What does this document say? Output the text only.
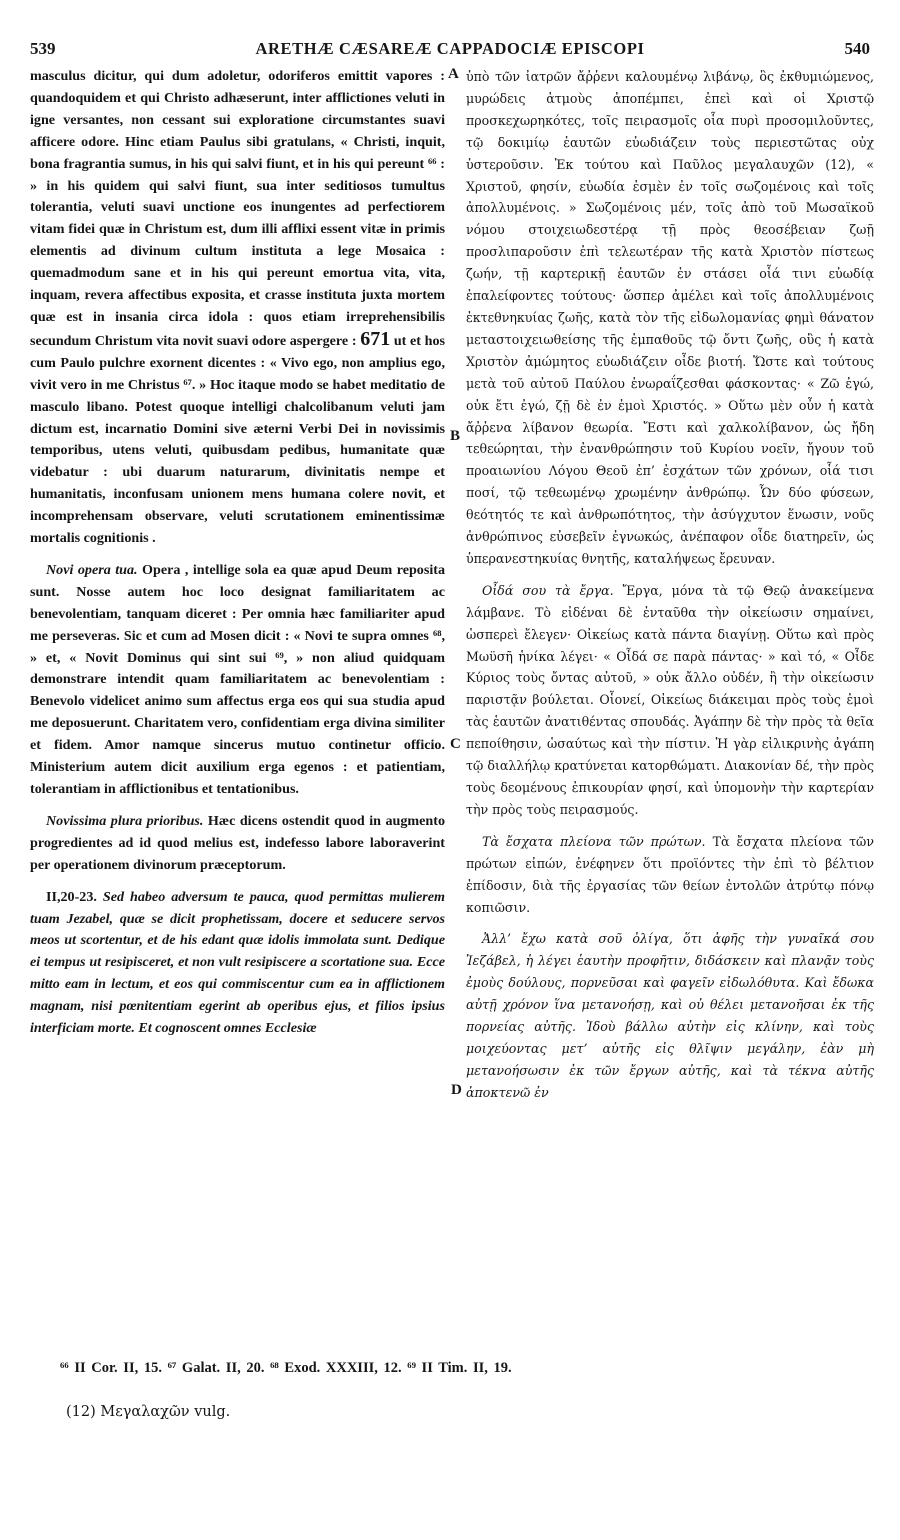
539	ARETHÆ CÆSAREÆ CAPPADOCIÆ EPISCOPI	540

masculus dicitur, qui dum adoletur, odoriferos emittit vapores : quandoquidem et qui Christo adhæserunt, inter afflictiones veluti in igne versantes, non cessant sui exploratione circumstantes suavi afficere odore. Hinc etiam Paulus sibi gratulans, « Christi, inquit, bona fragrantia sumus, in his qui salvi fiunt, et in his qui pereunt ⁶⁶ : » in his quidem qui salvi fiunt, sua inter seditiosos tumultus tolerantia, veluti suavi unctione eos inungentes ad perfectiorem vitam fidei quæ in Christum est, dum illi afflixi essent vitæ in primis elementis ad divinum cultum instituta a lege Mosaica : quemadmodum sane et in his qui pereunt emortua vita, vita, inquam, revera affectibus exposita, et crasse instituta juxta mortem quæ est in insania circa idola : quos etiam irreprehensibilis secundum Christum vita novit suavi odore aspergere : 671 ut et hos cum Paulo pulchre exornent dicentes : « Vivo ego, non amplius ego, vivit vero in me Christus ⁶⁷. » Hoc itaque modo se habet meditatio de masculo libano. Potest quoque intelligi chalcolibanum veluti jam dictum est, incarnatio Domini sive æterni Verbi Dei in novissimis temporibus, utens veluti, quibusdam pedibus, humanitate quæ videbatur : ubi duarum naturarum, divinitatis nempe et humanitatis, inconfusam unionem mens humana colere novit, et incomprehensam observare, veluti scrutationem eminentissimæ mortalis cognitionis .

Novi opera tua. Opera , intellige sola ea quæ apud Deum reposita sunt. Nosse autem hoc loco designat familiaritatem ac benevolentiam, tanquam diceret : Per omnia hæc familiariter apud me perseveras. Sic et cum ad Mosen dicit : « Novi te supra omnes ⁶⁸, » et, « Novit Dominus qui sint sui ⁶⁹, » non aliud quidquam demonstrare intendit quam familiaritatem ac benevolentiam : Benevolo videlicet animo sum affectus erga eos qui sua studia apud me deposuerunt. Charitatem vero, confidentiam erga divina similiter et fidem. Amor namque sincerus mutuo continetur officio. Ministerium autem dicit auxilium erga egenos : et patientiam, tolerantiam in afflictionibus et tentationibus.

Novissima plura prioribus. Hæc dicens ostendit quod in augmento progredientes ad id quod melius est, indefesso labore laboraverint per operationem divinorum præceptorum.

II,20-23. Sed habeo adversum te pauca, quod permittas mulierem tuam Jezabel, quæ se dicit prophetissam, docere et seducere servos meos ut scortentur, et de his edant quæ idolis immolata sunt. Dedique ei tempus ut resipisceret, et non vult resipiscere a scortatione sua. Ecce mitto eam in lectum, et eos qui commiscentur cum ea in afflictionem magnam, nisi pœnitentiam egerint ab operibus ejus, et filios ipsius interficiam morte. Et cognoscent omnes Ecclesiæ

ὑπὸ τῶν ἰατρῶν ἄῤῥενι καλουμένῳ λιβάνῳ, ὃς ἐκθυμιώμενος, μυρώδεις ἀτμοὺς ἀποπέμπει, ἐπεὶ καὶ οἱ Χριστῷ προσκεχωρηκότες, τοῖς πειρασμοῖς οἷα πυρὶ προσομιλοῦντες, τῷ δοκιμίῳ ἑαυτῶν εὐωδιάζειν τοὺς περιεστῶτας οὐχ ὑστεροῦσιν. Ἐκ τούτου καὶ Παῦλος μεγαλαυχῶν (12), « Χριστοῦ, φησίν, εὐωδία ἐσμὲν ἐν τοῖς σωζομένοις καὶ τοῖς ἀπολλυμένοις. » Σωζομένοις μέν, τοῖς ἀπὸ τοῦ Μωσαϊκοῦ νόμου στοιχειωδεστέρᾳ τῇ πρὸς θεοσέβειαν ζωῇ προσλιπαροῦσιν ἐπὶ τελεωτέραν τῆς κατὰ Χριστὸν πίστεως ζωήν, τῇ καρτερικῇ ἑαυτῶν ἐν στάσει οἷά τινι εὐωδίᾳ ἐπαλείφοντες τούτους· ὥσπερ ἀμέλει καὶ τοῖς ἀπολλυμένοις ἐκτεθνηκυίας ζωῆς, κατὰ τὸν τῆς εἰδωλομανίας φημὶ θάνατον μεταστοιχειωθείσης τῆς ἐμπαθοῦς τῷ ὄντι ζωῆς, οὓς ἡ κατὰ Χριστὸν ἀμώμητος εὐωδιάζειν οἶδε βιοτή. Ὥστε καὶ τούτους μετὰ τοῦ αὐτοῦ Παύλου ἐνωραΐζεσθαι φάσκοντας· « Ζῶ ἐγώ, οὐκ ἔτι ἐγώ, ζῇ δὲ ἐν ἐμοὶ Χριστός. » Οὕτω μὲν οὖν ἡ κατὰ ἄῤῥενα λίβανον θεωρία. Ἔστι καὶ χαλκολίβανον, ὡς ἤδη τεθεώρηται, τὴν ἐνανθρώπησιν τοῦ Κυρίου νοεῖν, ἤγουν τοῦ προαιωνίου Λόγου Θεοῦ ἐπ’ ἐσχάτων τῶν χρόνων, οἷά τισι ποσί, τῷ τεθεωμένῳ χρωμένην ἀνθρώπῳ. Ὧν δύο φύσεων, θεότητός τε καὶ ἀνθρωπότητος, τὴν ἀσύγχυτον ἕνωσιν, νοῦς ἀνθρώπινος εὐσεβεῖν ἐγνωκώς, ἀνέπαφον οἶδε διατηρεῖν, ὡς ὑπερανεστηκυίας θνητῆς, καταλήψεως ἔρευναν.

Οἶδά σου τὰ ἔργα. Ἔργα, μόνα τὰ τῷ Θεῷ ἀνακείμενα λάμβανε. Τὸ εἰδέναι δὲ ἐνταῦθα τὴν οἰκείωσιν σημαίνει, ὡσπερεὶ ἔλεγεν· Οἰκείως κατὰ πάντα διαγίνῃ. Οὕτω καὶ πρὸς Μωϋσῆ ἡνίκα λέγει· « Οἶδά σε παρὰ πάντας· » καὶ τό, « Οἶδε Κύριος τοὺς ὄντας αὐτοῦ, » οὐκ ἄλλο οὐδέν, ἢ τὴν οἰκείωσιν παριστᾷν βούλεται. Οἷονεί, Οἰκείως διάκειμαι πρὸς τοὺς ἐμοὶ τὰς ἑαυτῶν ἀνατιθέντας σπουδάς. Ἀγάπην δὲ τὴν πρὸς τὰ θεῖα πεποίθησιν, ὡσαύτως καὶ τὴν πίστιν. Ἡ γὰρ εἰλικρινὴς ἀγάπη τῷ διαλλήλῳ κρατύνεται κατορθώματι. Διακονίαν δέ, τὴν πρὸς τοὺς δεομένους ἐπικουρίαν φησί, καὶ ὑπομονὴν τὴν καρτερίαν τὴν πρὸς τοὺς πειρασμούς.

Τὰ ἔσχατα πλείονα τῶν πρώτων. Τὰ ἔσχατα πλείονα τῶν πρώτων εἰπών, ἐνέφηνεν ὅτι προϊόντες τὴν ἐπὶ τὸ βέλτιον ἐπίδοσιν, διὰ τῆς ἐργασίας τῶν θείων ἐντολῶν ἀτρύτῳ πόνῳ κοπιῶσιν.

Ἀλλ’ ἔχω κατὰ σοῦ ὀλίγα, ὅτι ἀφῆς τὴν γυναῖκά σου Ἰεζάβελ, ἡ λέγει ἑαυτὴν προφῆτιν, διδάσκειν καὶ πλανᾷν τοὺς ἐμοὺς δούλους, πορνεῦσαι καὶ φαγεῖν εἰδωλόθυτα. Καὶ ἔδωκα αὐτῇ χρόνον ἵνα μετανοήσῃ, καὶ οὐ θέλει μετανοῆσαι ἐκ τῆς πορνείας αὐτῆς. Ἰδοὺ βάλλω αὐτὴν εἰς κλίνην, καὶ τοὺς μοιχεύοντας μετ’ αὐτῆς εἰς θλῖψιν μεγάλην, ἐὰν μὴ μετανοήσωσιν ἐκ τῶν ἔργων αὐτῆς, καὶ τὰ τέκνα αὐτῆς ἀποκτενῶ ἐν

A
B
C
D
⁶⁶ II Cor. II, 15. ⁶⁷ Galat. II, 20. ⁶⁸ Exod. XXXIII, 12. ⁶⁹ II Tim. II, 19.
(12) Μεγαλαχῶν vulg.
